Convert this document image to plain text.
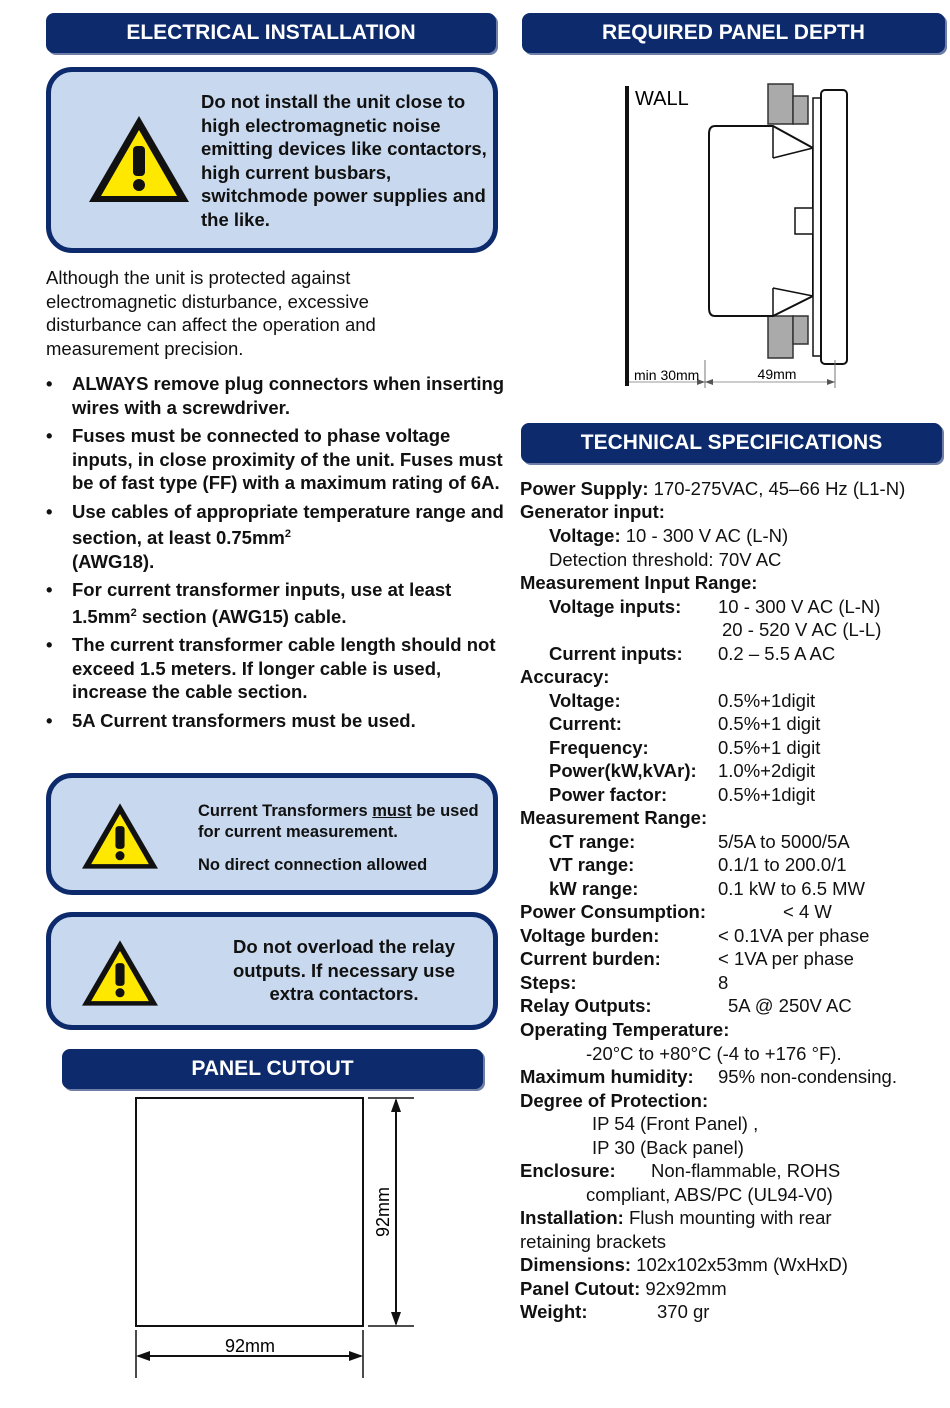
ELECTRICAL INSTALLATION
Do not install the unit close to high electromagnetic noise emitting devices like contactors, high current busbars, switchmode power supplies and the like.
Although the unit is protected against electromagnetic disturbance, excessive disturbance can affect the operation and measurement precision.
• ALWAYS remove plug connectors when inserting wires with a screwdriver.
• Fuses must be connected to phase voltage inputs, in close proximity of the unit. Fuses must be of fast type (FF) with a maximum rating of 6A.
• Use cables of appropriate temperature range and section, at least $0.75mm^2$
(AWG18).
• For current transformer inputs, use at least $1.5mm^2$ section (AWG15) cable.
• The current transformer cable length should not exceed 1.5 meters. If longer cable is used, increase the cable section.
• 5A Current transformers must be used.
Current Transformers must be used for current measurement.
No direct connection allowed
Do not overload the relay outputs. If necessary use extra contactors.
PANEL CUTOUT
92mm
92mm
REQUIRED PANEL DEPTH
WALL
min 30mm	49mm
TECHNICAL SPECIFICATIONS
Power Supply: 170-275VAC, 45–66 Hz (L1-N)
Generator input:
Voltage: 10 - 300 V AC (L-N)
Detection threshold: 70V AC
Measurement Input Range:
Voltage inputs: 10 - 300 V AC (L-N)
20 - 520 V AC (L-L)
Current inputs: 0.2 – 5.5 A AC
Accuracy:
Voltage:	0.5%+1digit
Current:	0.5%+1 digit
Frequency:	0.5%+1 digit
Power(kW,kVAr): 1.0%+2digit
Power factor:	0.5%+1digit
Measurement Range:
CT range:	5/5A to 5000/5A
VT range:	0.1/1 to 200.0/1
kW range:	0.1 kW to 6.5 MW
Power Consumption:	< 4 W
Voltage burden:	< 0.1VA per phase
Current burden:	< 1VA per phase
Steps:	8
Relay Outputs:	5A @ 250V AC
Operating Temperature:
-20°C to +80°C (-4 to +176 °F).
Maximum humidity: 95% non-condensing.
Degree of Protection:
IP 54 (Front Panel) ,
IP 30 (Back panel)
Enclosure: Non-flammable, ROHS
compliant, ABS/PC (UL94-V0)
Installation: Flush mounting with rear
retaining brackets
Dimensions: 102x102x53mm (WxHxD)
Panel Cutout: 92x92mm
Weight:	370 gr
